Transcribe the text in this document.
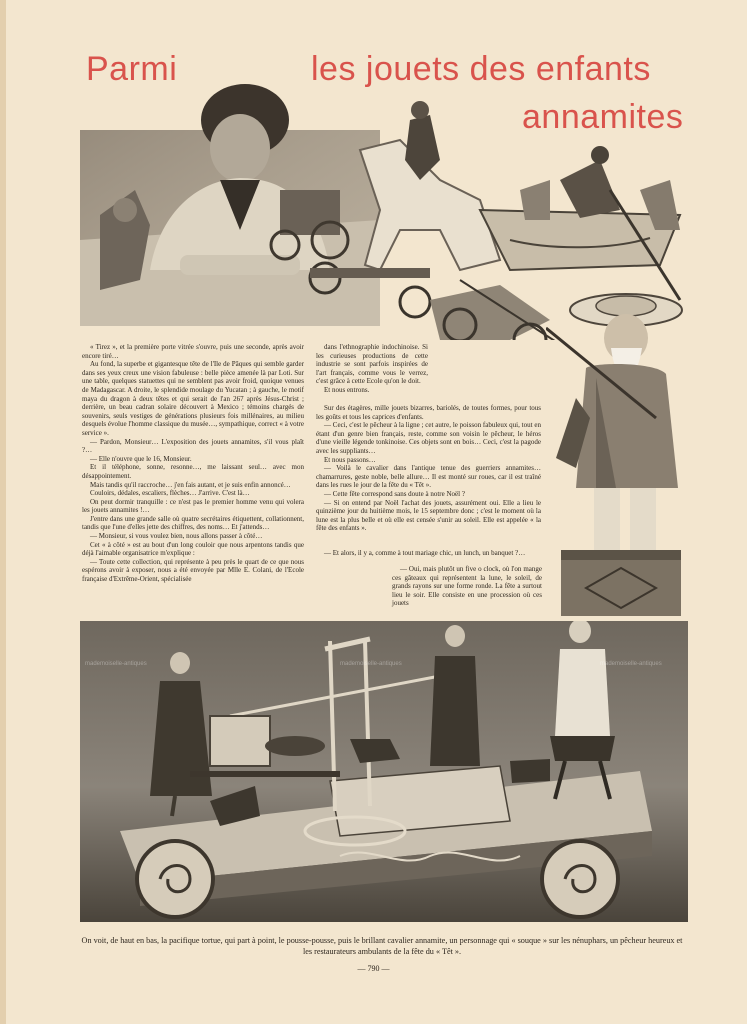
Parmi	les jouets des enfants
annamites

« Tirez », et la première porte vitrée s'ouvre, puis une seconde, après avoir encore tiré…

Au fond, la superbe et gigantesque tête de l'Ile de Pâques qui semble garder dans ses yeux creux une vision fabuleuse : belle pièce amenée là par Loti. Sur une table, quelques statuettes qui ne semblent pas avoir froid, quoique venues de Madagascar. A droite, le splendide moulage du Yucatan ; à gauche, le motif maya du dragon à deux têtes et qui serait de l'an 267 après Jésus-Christ ; derrière, un beau cadran solaire découvert à Mexico ; témoins chargés de souvenirs, seuls vestiges de générations plusieurs fois millénaires, au milieu desquels évolue l'homme classique du musée…, sympathique, correct « à votre service ».

— Pardon, Monsieur… L'exposition des jouets annamites, s'il vous plaît ?…

— Elle n'ouvre que le 16, Monsieur.

Et il téléphone, sonne, resonne…, me laissant seul… avec mon désappointement.

Mais tandis qu'il raccroche… j'en fais autant, et je suis enfin annoncé…

Couloirs, dédales, escaliers, flèches… J'arrive. C'est là…

On peut dormir tranquille : ce n'est pas le premier homme venu qui volera les jouets annamites !…

J'entre dans une grande salle où quatre secrétaires étiquettent, collationnent, tandis que l'une d'elles jette des chiffres, des noms… Et j'attends…

— Monsieur, si vous voulez bien, nous allons passer à côté…

Cet « à côté » est au bout d'un long couloir que nous arpentons tandis que déjà l'aimable organisatrice m'explique :

— Toute cette collection, qui représente à peu près le quart de ce que nous espérons avoir à exposer, nous a été envoyée par Mlle E. Colani, de l'Ecole française d'Extrême-Orient, spécialisée

dans l'ethnographie indochinoise. Si les curieuses productions de cette industrie se sont parfois inspirées de l'art français, comme vous le verrez, c'est grâce à cette Ecole qu'on le doit.

Et nous entrons.

Sur des étagères, mille jouets bizarres, bariolés, de toutes formes, pour tous les goûts et tous les caprices d'enfants.

— Ceci, c'est le pêcheur à la ligne ; cet autre, le poisson fabuleux qui, tout en étant d'un genre bien français, reste, comme son voisin le pêcheur, le héros d'une vieille légende tonkinoise. Ces objets sont en bois… Ceci, c'est la pagode avec les suppliants…

Et nous passons…

— Voilà le cavalier dans l'antique tenue des guerriers annamites… chamarrures, geste noble, belle allure… Il est monté sur roues, car il est traîné dans les rues le jour de la fête du « Têt ».

— Cette fête correspond sans doute à notre Noël ?

— Si on entend par Noël l'achat des jouets, assurément oui. Elle a lieu le quinzième jour du huitième mois, le 15 septembre donc ; c'est le moment où la lune est la plus belle et où elle est censée s'unir au soleil. Elle est appelée « la fête des enfants ».

— Et alors, il y a, comme à tout mariage chic, un lunch, un banquet ?…

— Oui, mais plutôt un five o clock, où l'on mange ces gâteaux qui représentent la lune, le soleil, de grands rayons sur une forme ronde. La fête a surtout lieu le soir. Elle consiste en une procession où ces jouets

mademoiselle-antiques	mademoiselle-antiques	mademoiselle-antiques
On voit, de haut en bas, la pacifique tortue, qui part à point, le pousse-pousse, puis le brillant cavalier annamite, un personnage qui « souque » sur les nénuphars, un pêcheur heureux et les restaurateurs ambulants de la fête du « Têt ».
— 790 —
